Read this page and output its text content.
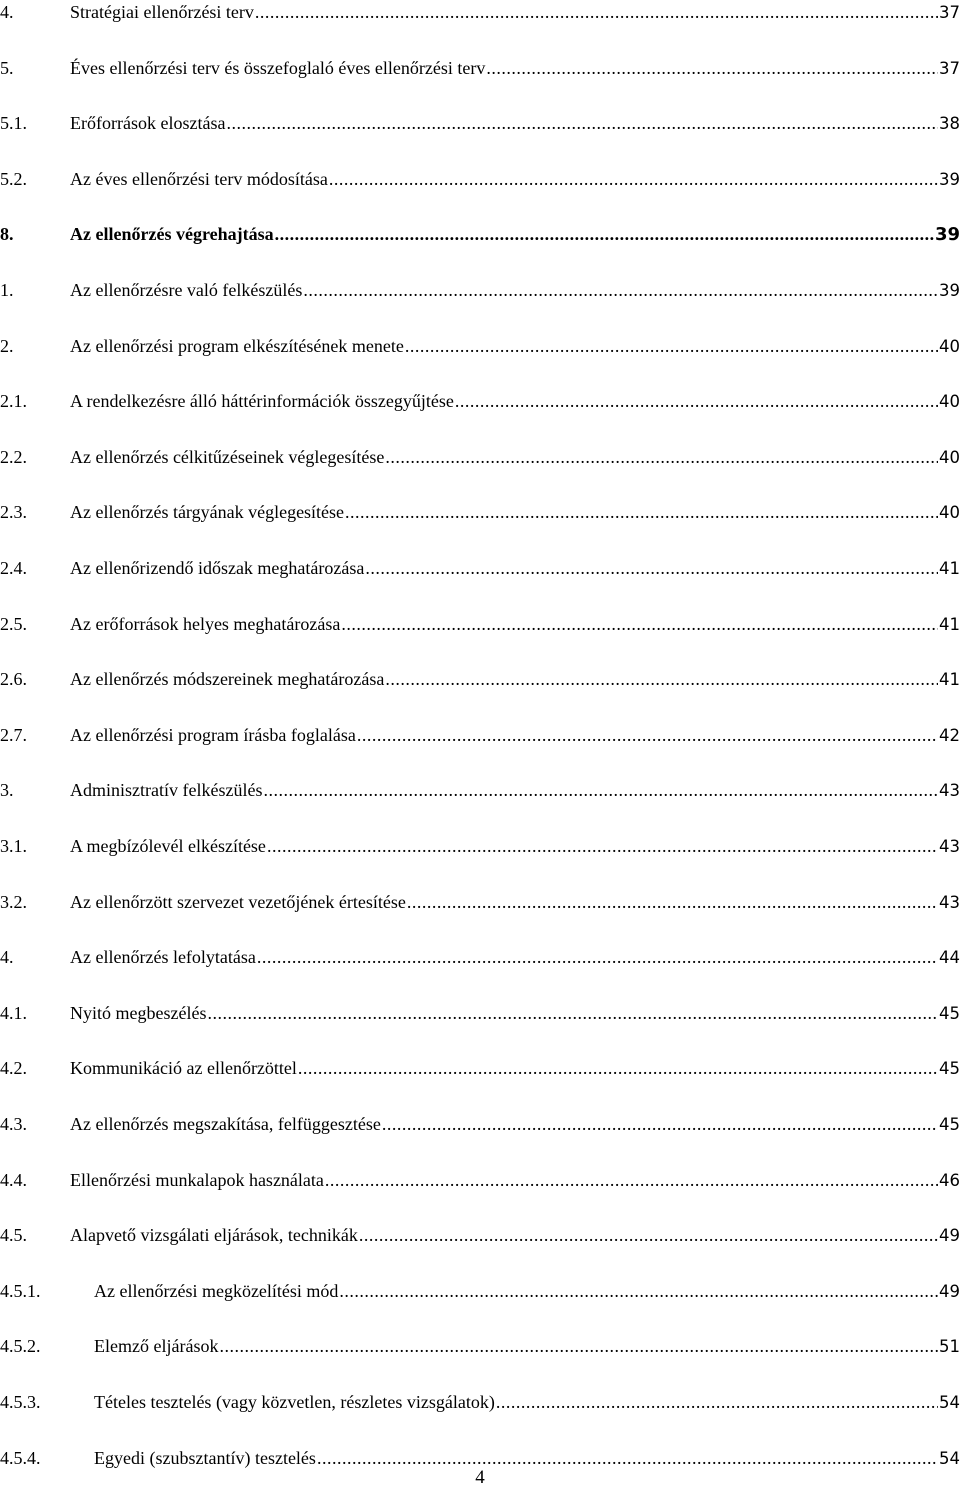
4.	Stratégiai ellenőrzési terv .....	37
5.	Éves ellenőrzési terv és összefoglaló éves ellenőrzési terv .....	37
5.1. Erőforrások elosztása .....	38
5.2. Az éves ellenőrzési terv módosítása .....	39
8.	Az ellenőrzés végrehajtása .....	39
1.	Az ellenőrzésre való felkészülés .....	39
2.	Az ellenőrzési program elkészítésének menete .....	40
2.1. A rendelkezésre álló háttérinformációk összegyűjtése .....	40
2.2. Az ellenőrzés célkitűzéseinek véglegesítése .....	40
2.3. Az ellenőrzés tárgyának véglegesítése .....	40
2.4. Az ellenőrizendő időszak meghatározása .....	41
2.5. Az erőforrások helyes meghatározása .....	41
2.6. Az ellenőrzés módszereinek meghatározása .....	41
2.7. Az ellenőrzési program írásba foglalása .....	42
3.	Adminisztratív felkészülés .....	43
3.1. A megbízólevél elkészítése .....	43
3.2. Az ellenőrzött szervezet vezetőjének értesítése .....	43
4.	Az ellenőrzés lefolytatása .....	44
4.1. Nyitó megbeszélés .....	45
4.2. Kommunikáció az ellenőrzöttel .....	45
4.3. Az ellenőrzés megszakítása, felfüggesztése .....	45
4.4. Ellenőrzési munkalapok használata .....	46
4.5. Alapvető vizsgálati eljárások, technikák .....	49
4.5.1.	Az ellenőrzési megközelítési mód .....	49
4.5.2.	Elemző eljárások .....	51
4.5.3.	Tételes tesztelés (vagy közvetlen, részletes vizsgálatok) .....	54
4.5.4.	Egyedi (szubsztantív) tesztelés .....	54
4
